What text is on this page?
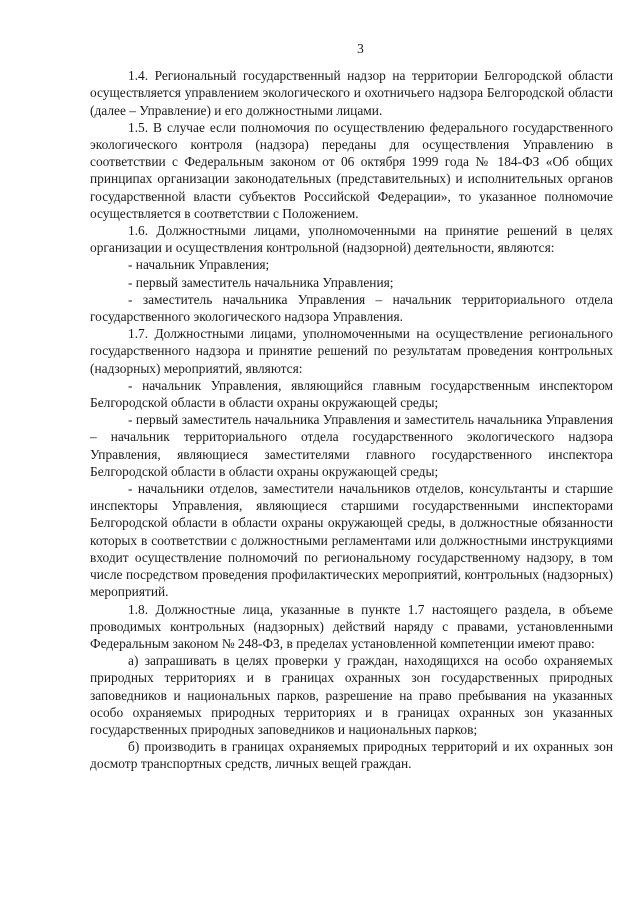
3

1.4. Региональный государственный надзор на территории Белгородской области осуществляется управлением экологического и охотничьего надзора Белгородской области (далее – Управление) и его должностными лицами.

1.5. В случае если полномочия по осуществлению федерального государственного экологического контроля (надзора) переданы для осуществления Управлению в соответствии с Федеральным законом от 06 октября 1999 года № 184-ФЗ «Об общих принципах организации законодательных (представительных) и исполнительных органов государственной власти субъектов Российской Федерации», то указанное полномочие осуществляется в соответствии с Положением.

1.6. Должностными лицами, уполномоченными на принятие решений в целях организации и осуществления контрольной (надзорной) деятельности, являются:

- начальник Управления;

- первый заместитель начальника Управления;

- заместитель начальника Управления – начальник территориального отдела государственного экологического надзора Управления.

1.7. Должностными лицами, уполномоченными на осуществление регионального государственного надзора и принятие решений по результатам проведения контрольных (надзорных) мероприятий, являются:

- начальник Управления, являющийся главным государственным инспектором Белгородской области в области охраны окружающей среды;

- первый заместитель начальника Управления и заместитель начальника Управления – начальник территориального отдела государственного экологического надзора Управления, являющиеся заместителями главного государственного инспектора Белгородской области в области охраны окружающей среды;

- начальники отделов, заместители начальников отделов, консультанты и старшие инспекторы Управления, являющиеся старшими государственными инспекторами Белгородской области в области охраны окружающей среды, в должностные обязанности которых в соответствии с должностными регламентами или должностными инструкциями входит осуществление полномочий по региональному государственному надзору, в том числе посредством проведения профилактических мероприятий, контрольных (надзорных) мероприятий.

1.8. Должностные лица, указанные в пункте 1.7 настоящего раздела, в объеме проводимых контрольных (надзорных) действий наряду с правами, установленными Федеральным законом № 248-ФЗ, в пределах установленной компетенции имеют право:

а) запрашивать в целях проверки у граждан, находящихся на особо охраняемых природных территориях и в границах охранных зон государственных природных заповедников и национальных парков, разрешение на право пребывания на указанных особо охраняемых природных территориях и в границах охранных зон указанных государственных природных заповедников и национальных парков;

б) производить в границах охраняемых природных территорий и их охранных зон досмотр транспортных средств, личных вещей граждан.
